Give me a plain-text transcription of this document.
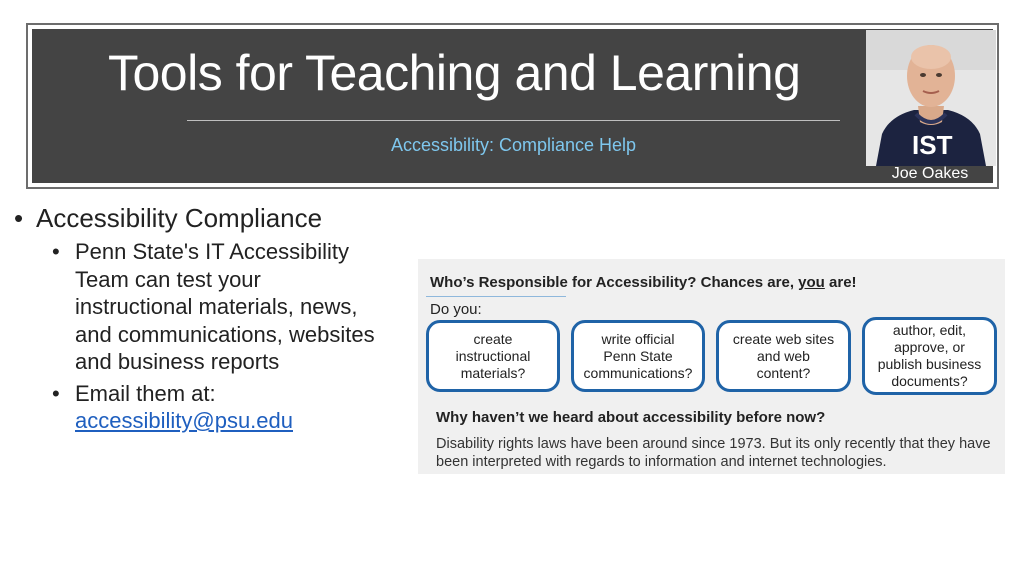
Tools for Teaching and Learning
Accessibility: Compliance Help	IST
Joe Oakes
• Accessibility Compliance
• Penn State's IT Accessibility
Team can test your
instructional materials, news,
and communications, websites
and business reports
• Email them at:
accessibility@psu.edu
Who’s Responsible for Accessibility? Chances are, you are!
Do you:
create
instructional
materials?
write official
Penn State
communications?
create web sites
and web
content?
author, edit,
approve, or
publish business
documents?
Why haven’t we heard about accessibility before now?
Disability rights laws have been around since 1973. But its only recently that they have been interpreted with regards to information and internet technologies.
